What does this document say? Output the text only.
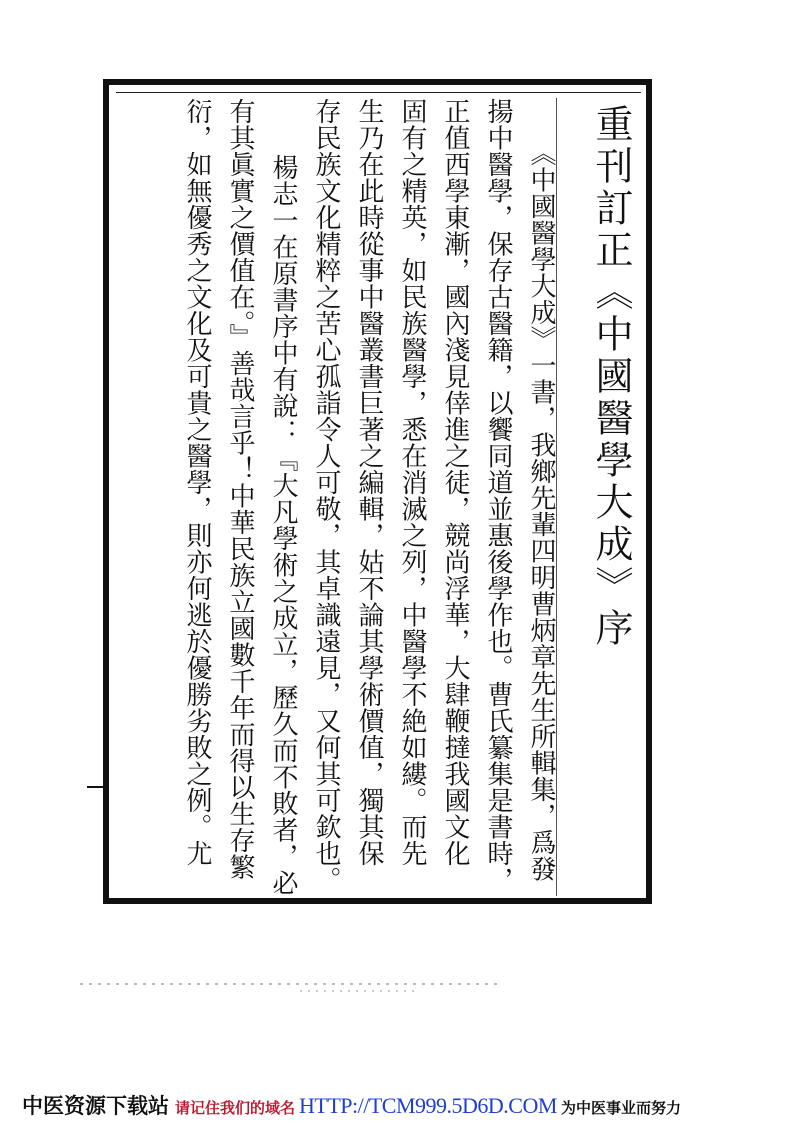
重刊訂正《中國醫學大成》序
《中國醫學大成》一書，我鄉先輩四明曹炳章先生所輯集，爲發
揚中醫學，保存古醫籍，以饗同道並惠後學作也。曹氏纂集是書時，
正值西學東漸，國內淺見倖進之徒，競尚浮華，大肆鞭撻我國文化
固有之精英，如民族醫學，悉在消滅之列，中醫學不絶如縷。而先
生乃在此時從事中醫叢書巨著之編輯，姑不論其學術價值，獨其保
存民族文化精粹之苦心孤詣令人可敬，其卓識遠見，又何其可欽也。
楊志一在原書序中有說：『大凡學術之成立，歷久而不敗者，必
有其眞實之價值在。』善哉言乎！中華民族立國數千年而得以生存繁
衍，如無優秀之文化及可貴之醫學，則亦何逃於優勝劣敗之例。尤
中医资源下载站 请记住我们的域名 HTTP://TCM999.5D6D.COM 为中医事业而努力
